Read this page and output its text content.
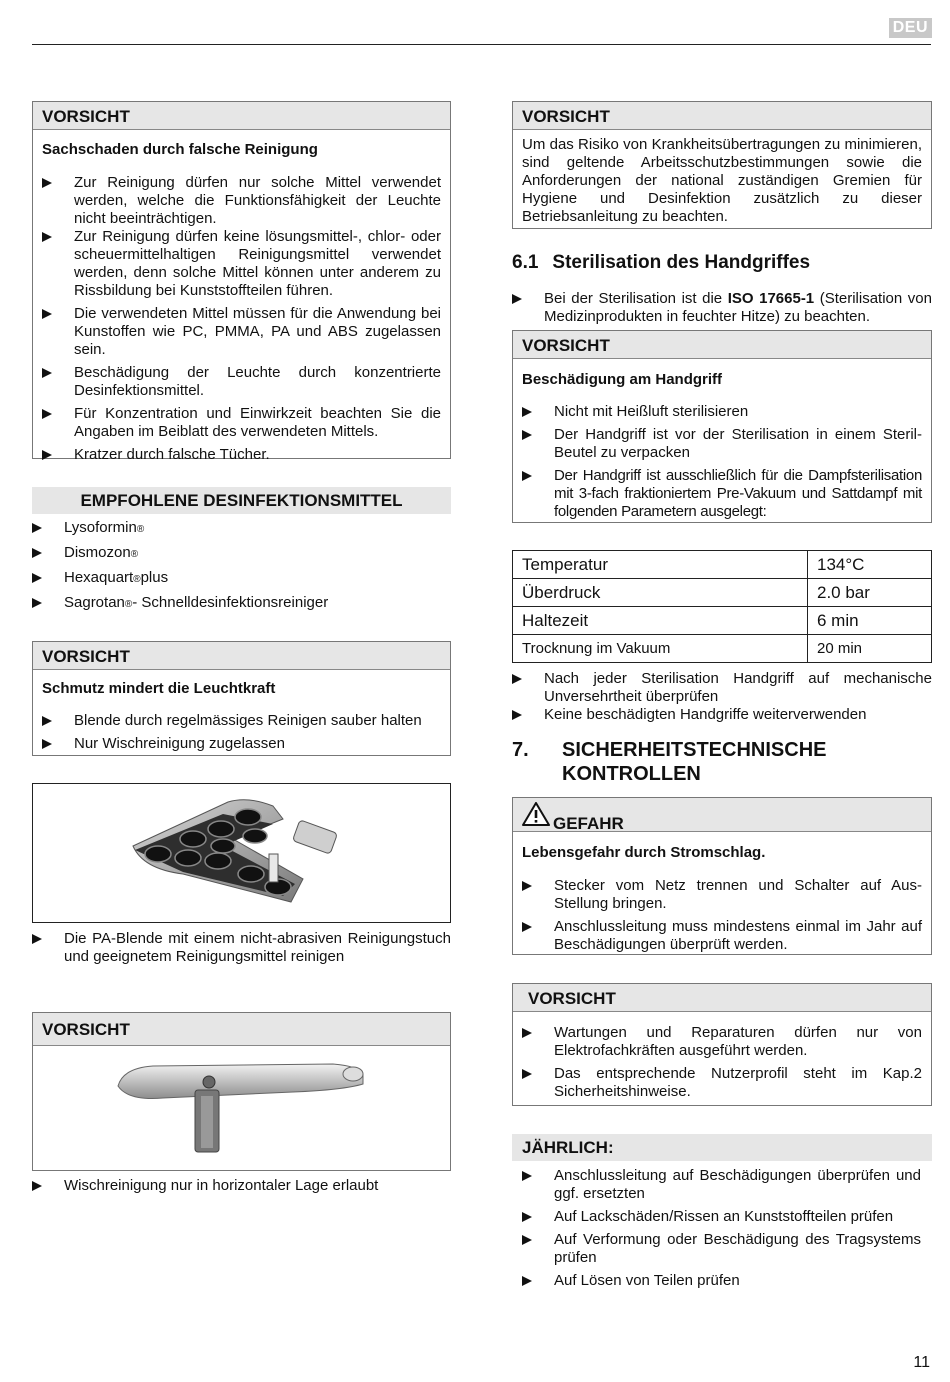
DEU
VORSICHT
Sachschaden durch falsche Reinigung
Zur Reinigung dürfen nur solche Mittel verwendet werden, welche die Funktionsfähigkeit der Leuchte nicht beeinträchtigen.
Zur Reinigung dürfen keine lösungsmittel-, chlor- oder scheuermittelhaltigen Reinigungsmittel verwendet werden, denn solche Mittel können unter anderem zu Rissbildung bei Kunststoffteilen führen.
Die verwendeten Mittel müssen für die Anwendung bei Kunstoffen wie PC, PMMA, PA und ABS zugelassen sein.
Beschädigung der Leuchte durch konzentrierte Desinfektionsmittel.
Für Konzentration und Einwirkzeit beachten Sie die Angaben im Beiblatt des verwendeten Mittels.
Kratzer durch falsche Tücher.
EMPFOHLENE DESINFEKTIONSMITTEL
Lysoformin®
Dismozon®
Hexaquart®plus
Sagrotan®- Schnelldesinfektionsreiniger
VORSICHT
Schmutz mindert die Leuchtkraft
Blende durch regelmässiges Reinigen sauber halten
Nur Wischreinigung zugelassen
Die PA-Blende mit einem nicht-abrasiven Reinigungstuch und geeignetem Reinigungsmittel reinigen
VORSICHT
Wischreinigung nur in horizontaler Lage erlaubt
VORSICHT
Um das Risiko von Krankheitsübertragungen zu minimieren, sind geltende Arbeitsschutzbestimmungen sowie die Anforderungen der national zuständigen Gremien für Hygiene und Desinfektion zusätzlich zu dieser Betriebsanleitung zu beachten.
6.1 Sterilisation des Handgriffes
Bei der Sterilisation ist die ISO 17665-1 (Sterilisation von Medizinprodukten in feuchter Hitze) zu beachten.
VORSICHT
Beschädigung am Handgriff
Nicht mit Heißluft sterilisieren
Der Handgriff ist vor der Sterilisation in einem Steril-Beutel zu verpacken
Der Handgriff ist ausschließlich für die Dampfsterilisation mit 3-fach fraktioniertem Pre-Vakuum und Sattdampf mit folgenden Parametern ausgelegt:
Temperatur	134°C
Überdruck	2.0 bar
Haltezeit	6 min
Trocknung im Vakuum	20 min
Nach jeder Sterilisation Handgriff auf mechanische Unversehrtheit überprüfen
Keine beschädigten Handgriffe weiterverwenden
7. SICHERHEITSTECHNISCHE
KONTROLLEN
GEFAHR
Lebensgefahr durch Stromschlag.
Stecker vom Netz trennen und Schalter auf Aus-Stellung bringen.
Anschlussleitung muss mindestens einmal im Jahr auf Beschädigungen überprüft werden.
VORSICHT
Wartungen und Reparaturen dürfen nur von Elektrofachkräften ausgeführt werden.
Das entsprechende Nutzerprofil steht im Kap.2 Sicherheitshinweise.
JÄHRLICH:
Anschlussleitung auf Beschädigungen überprüfen und ggf. ersetzten
Auf Lackschäden/Rissen an Kunststoffteilen prüfen
Auf Verformung oder Beschädigung des Tragsystems prüfen
Auf Lösen von Teilen prüfen
11
